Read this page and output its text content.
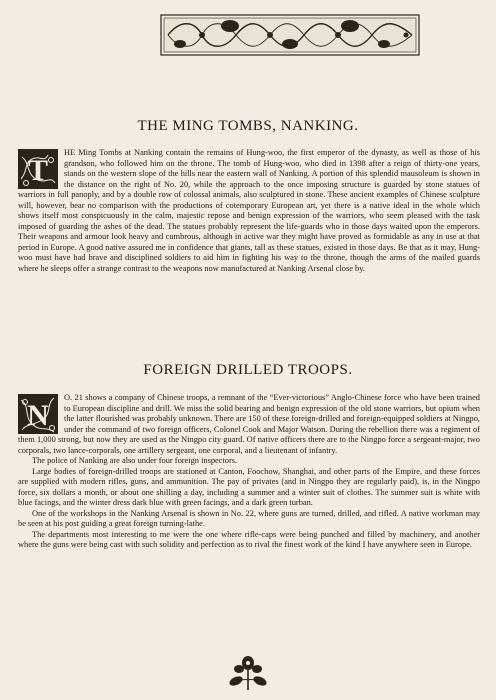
THE MING TOMBS, NANKING.
T

HE Ming Tombs at Nanking contain the remains of Hung-woo, the first emperor of the dynasty, as well as those of his grandson, who followed him on the throne. The tomb of Hung-woo, who died in 1398 after a reign of thirty-one years, stands on the western slope of the hills near the eastern wall of Nanking. A portion of this splendid mausoleum is shown in the distance on the right of No. 20, while the approach to the once imposing structure is guarded by stone statues of warriors in full panoply, and by a double row of colossal animals, also sculptured in stone. These ancient examples of Chinese sculpture will, however, bear no comparison with the productions of cotemporary European art, yet there is a native ideal in the whole which shows itself most conspicuously in the calm, majestic repose and benign expression of the warriors, who seem pleased with the task imposed of guarding the ashes of the dead. The statues probably represent the life-guards who in those days waited upon the emperors. Their weapons and armour look heavy and cumbrous, although in active war they might have proved as formidable as any in use at that period in Europe. A good native assured me in confidence that giants, tall as these statues, existed in those days. Be that as it may, Hung-woo must have had brave and disciplined soldiers to aid him in fighting his way to the throne, though the arms of the mailed guards where he sleeps offer a strange contrast to the weapons now manufactured at Nanking Arsenal close by.

FOREIGN DRILLED TROOPS.
N

O. 21 shows a company of Chinese troops, a remnant of the “Ever-victorious” Anglo-Chinese force who have been trained to European discipline and drill. We miss the solid bearing and benign expression of the old stone warriors, but opium when the latter flourished was probably unknown. There are 150 of these foreign-drilled and foreign-equipped soldiers at Ningpo, under the command of two foreign officers, Colonel Cook and Major Watson. During the rebellion there was a regiment of them 1,000 strong, but now they are used as the Ningpo city guard. Of native officers there are to the Ningpo force a sergeant-major, two corporals, two lance-corporals, one artillery sergeant, one corporal, and a lieutenant of infantry.

The police of Nanking are also under four foreign inspectors.

Large bodies of foreign-drilled troops are stationed at Canton, Foochow, Shanghai, and other parts of the Empire, and these forces are supplied with modern rifles, guns, and ammunition. The pay of privates (and in Ningpo they are regularly paid), is, in the Ningpo force, six dollars a month, or about one shilling a day, including a summer and a winter suit of clothes. The summer suit is white with blue facings, and the winter dress dark blue with green facings, and a dark green turban.

One of the workshops in the Nanking Arsenal is shown in No. 22, where guns are turned, drilled, and rifled. A native workman may be seen at his post guiding a great foreign turning-lathe.

The departments most interesting to me were the one where rifle-caps were being punched and filled by machinery, and another where the guns were being cast with such solidity and perfection as to rival the finest work of the kind I have anywhere seen in Europe.
